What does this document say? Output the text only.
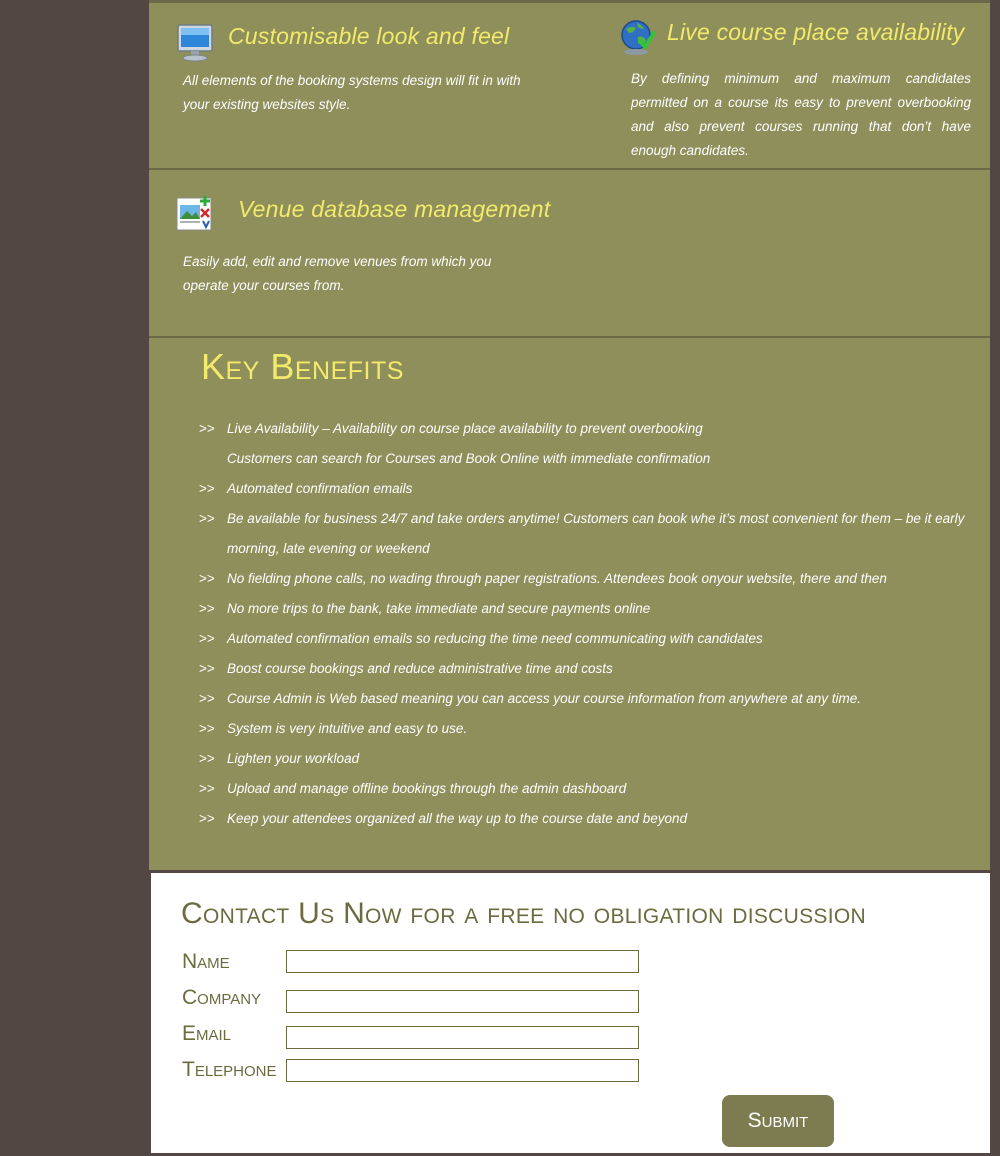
Customisable look and feel
All elements of the booking systems design will fit in with your existing websites style.
Live course place availability
By defining minimum and maximum candidates permitted on a course its easy to prevent overbooking and also prevent courses running that don’t have enough candidates.
Venue database management
Easily add, edit and remove venues from which you operate your courses from.
Key Benefits
>> Live Availability – Availability on course place availability to prevent overbooking
Customers can search for Courses and Book Online with immediate confirmation
>> Automated confirmation emails
>> Be available for business 24/7 and take orders anytime! Customers can book whe it’s most convenient for them – be it early morning, late evening or weekend
>> No fielding phone calls, no wading through paper registrations. Attendees book onyour website, there and then
>> No more trips to the bank, take immediate and secure payments online
>> Automated confirmation emails so reducing the time need communicating with candidates
>> Boost course bookings and reduce administrative time and costs
>> Course Admin is Web based meaning you can access your course information from anywhere at any time.
>> System is very intuitive and easy to use.
>> Lighten your workload
>> Upload and manage offline bookings through the admin dashboard
>> Keep your attendees organized all the way up to the course date and beyond
Contact Us Now for a free no obligation discussion
Name
Company
Email
Telephone
Submit
